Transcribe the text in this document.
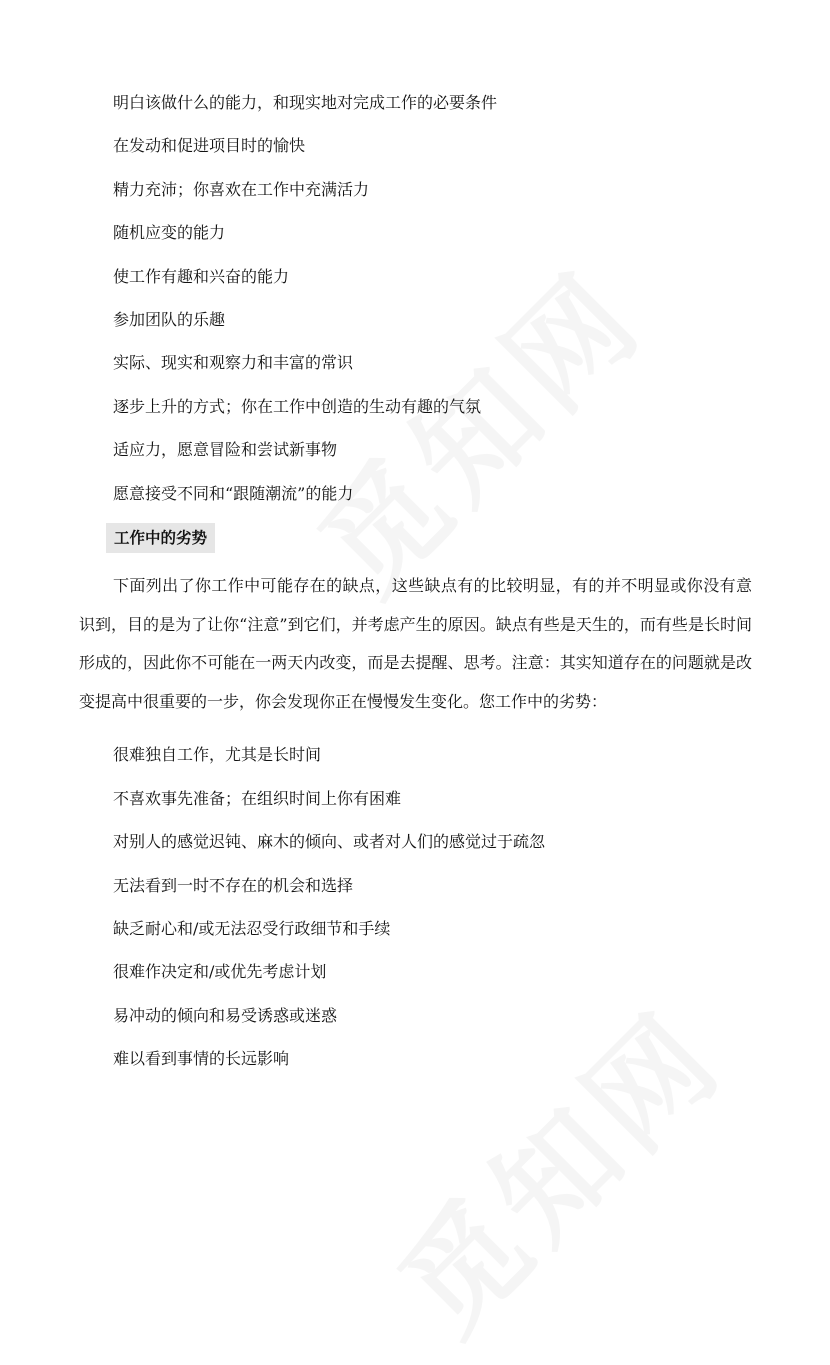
明白该做什么的能力，和现实地对完成工作的必要条件
在发动和促进项目时的愉快
精力充沛；你喜欢在工作中充满活力
随机应变的能力
使工作有趣和兴奋的能力
参加团队的乐趣
实际、现实和观察力和丰富的常识
逐步上升的方式；你在工作中创造的生动有趣的气氛
适应力，愿意冒险和尝试新事物
愿意接受不同和“跟随潮流”的能力
工作中的劣势

下面列出了你工作中可能存在的缺点，这些缺点有的比较明显，有的并不明显或你没有意识到，目的是为了让你“注意”到它们，并考虑产生的原因。缺点有些是天生的，而有些是长时间形成的，因此你不可能在一两天内改变，而是去提醒、思考。注意：其实知道存在的问题就是改变提高中很重要的一步，你会发现你正在慢慢发生变化。您工作中的劣势：

很难独自工作，尤其是长时间
不喜欢事先准备；在组织时间上你有困难
对别人的感觉迟钝、麻木的倾向、或者对人们的感觉过于疏忽
无法看到一时不存在的机会和选择
缺乏耐心和/或无法忍受行政细节和手续
很难作决定和/或优先考虑计划
易冲动的倾向和易受诱惑或迷惑
难以看到事情的长远影响
